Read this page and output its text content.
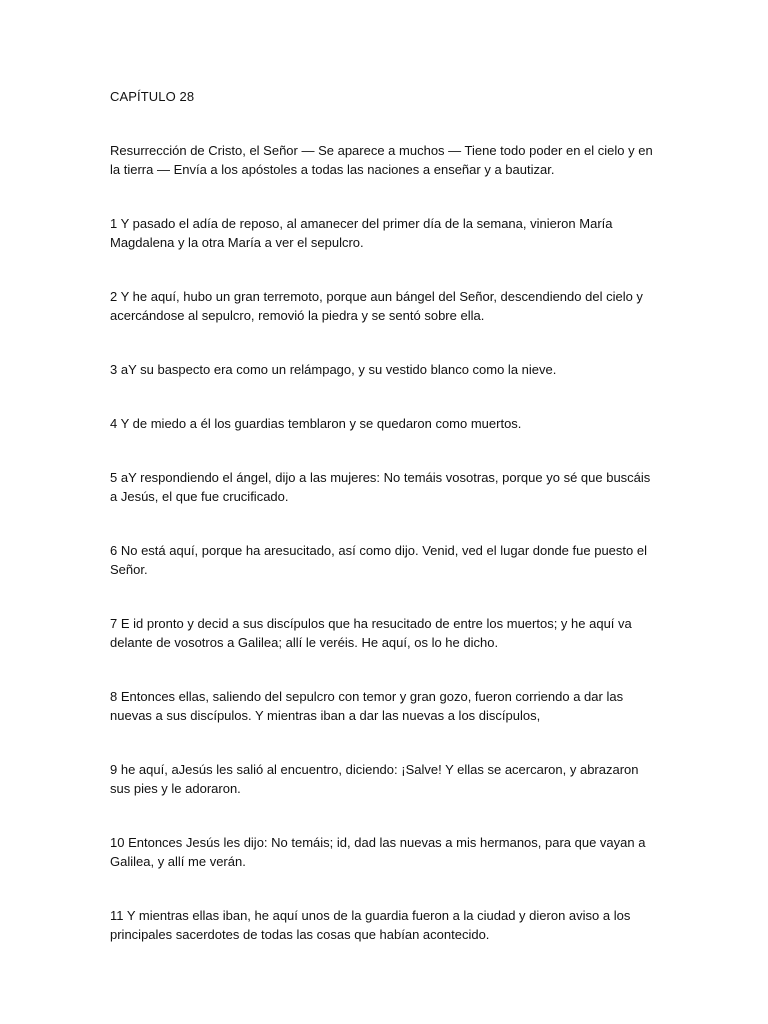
CAPÍTULO 28
Resurrección de Cristo, el Señor — Se aparece a muchos — Tiene todo poder en el cielo y en la tierra — Envía a los apóstoles a todas las naciones a enseñar y a bautizar.
1 Y pasado el adía de reposo, al amanecer del primer día de la semana, vinieron María Magdalena y la otra María a ver el sepulcro.
2 Y he aquí, hubo un gran terremoto, porque aun bángel del Señor, descendiendo del cielo y acercándose al sepulcro, removió la piedra y se sentó sobre ella.
3 aY su baspecto era como un relámpago, y su vestido blanco como la nieve.
4 Y de miedo a él los guardias temblaron y se quedaron como muertos.
5 aY respondiendo el ángel, dijo a las mujeres: No temáis vosotras, porque yo sé que buscáis a Jesús, el que fue crucificado.
6 No está aquí, porque ha aresucitado, así como dijo. Venid, ved el lugar donde fue puesto el Señor.
7 E id pronto y decid a sus discípulos que ha resucitado de entre los muertos; y he aquí va delante de vosotros a Galilea; allí le veréis. He aquí, os lo he dicho.
8 Entonces ellas, saliendo del sepulcro con temor y gran gozo, fueron corriendo a dar las nuevas a sus discípulos. Y mientras iban a dar las nuevas a los discípulos,
9 he aquí, aJesús les salió al encuentro, diciendo: ¡Salve! Y ellas se acercaron, y abrazaron sus pies y le adoraron.
10 Entonces Jesús les dijo: No temáis; id, dad las nuevas a mis hermanos, para que vayan a Galilea, y allí me verán.
11 Y mientras ellas iban, he aquí unos de la guardia fueron a la ciudad y dieron aviso a los principales sacerdotes de todas las cosas que habían acontecido.
